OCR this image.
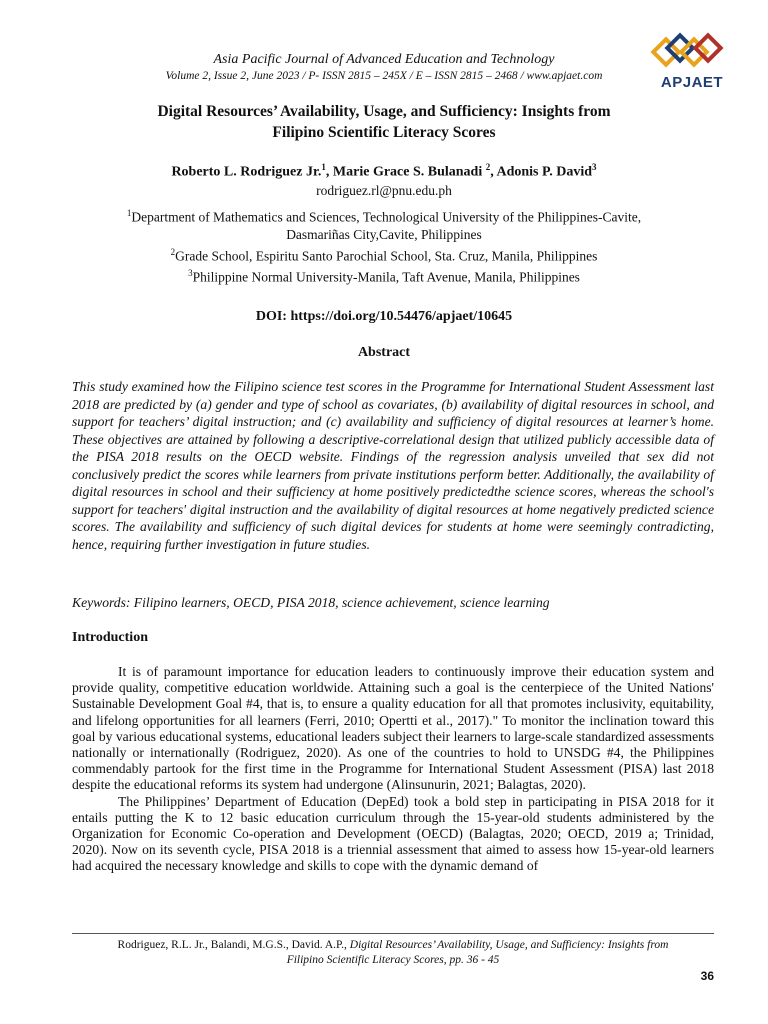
Asia Pacific Journal of Advanced Education and Technology
Volume 2, Issue 2, June 2023 / P- ISSN 2815 – 245X / E – ISSN 2815 – 2468 / www.apjaet.com	APJAET
Digital Resources’ Availability, Usage, and Sufficiency: Insights from
Filipino Scientific Literacy Scores
Roberto L. Rodriguez Jr.$^1$, Marie Grace S. Bulanadi $^2$, Adonis P. David$^3$
rodriguez.rl@pnu.edu.ph
$^1$Department of Mathematics and Sciences, Technological University of the Philippines-Cavite,
Dasmariñas City,Cavite, Philippines
$^2$Grade School, Espiritu Santo Parochial School, Sta. Cruz, Manila, Philippines
$^3$Philippine Normal University-Manila, Taft Avenue, Manila, Philippines
DOI: https://doi.org/10.54476/apjaet/10645
Abstract
This study examined how the Filipino science test scores in the Programme for International Student Assessment last 2018 are predicted by (a) gender and type of school as covariates, (b) availability of digital resources in school, and support for teachers’ digital instruction; and (c) availability and sufficiency of digital resources at learner’s home. These objectives are attained by following a descriptive-correlational design that utilized publicly accessible data of the PISA 2018 results on the OECD website. Findings of the regression analysis unveiled that sex did not conclusively predict the scores while learners from private institutions perform better. Additionally, the availability of digital resources in school and their sufficiency at home positively predictedthe science scores, whereas the school's support for teachers' digital instruction and the availability of digital resources at home negatively predicted science scores. The availability and sufficiency of such digital devices for students at home were seemingly contradicting, hence, requiring further investigation in future studies.
Keywords: Filipino learners, OECD, PISA 2018, science achievement, science learning
Introduction

It is of paramount importance for education leaders to continuously improve their education system and provide quality, competitive education worldwide. Attaining such a goal is the centerpiece of the United Nations' Sustainable Development Goal #4, that is, to ensure a quality education for all that promotes inclusivity, equitability, and lifelong opportunities for all learners (Ferri, 2010; Opertti et al., 2017)." To monitor the inclination toward this goal by various educational systems, educational leaders subject their learners to large-scale standardized assessments nationally or internationally (Rodriguez, 2020). As one of the countries to hold to UNSDG #4, the Philippines commendably partook for the first time in the Programme for International Student Assessment (PISA) last 2018 despite the educational reforms its system had undergone (Alinsunurin, 2021; Balagtas, 2020).

The Philippines’ Department of Education (DepEd) took a bold step in participating in PISA 2018 for it entails putting the K to 12 basic education curriculum through the 15-year-old students administered by the Organization for Economic Co-operation and Development (OECD) (Balagtas, 2020; OECD, 2019 a; Trinidad, 2020). Now on its seventh cycle, PISA 2018 is a triennial assessment that aimed to assess how 15-year-old learners had acquired the necessary knowledge and skills to cope with the dynamic demand of

Rodriguez, R.L. Jr., Balandi, M.G.S., David. A.P., Digital Resources’ Availability, Usage, and Sufficiency: Insights from
Filipino Scientific Literacy Scores, pp. 36 - 45
36
